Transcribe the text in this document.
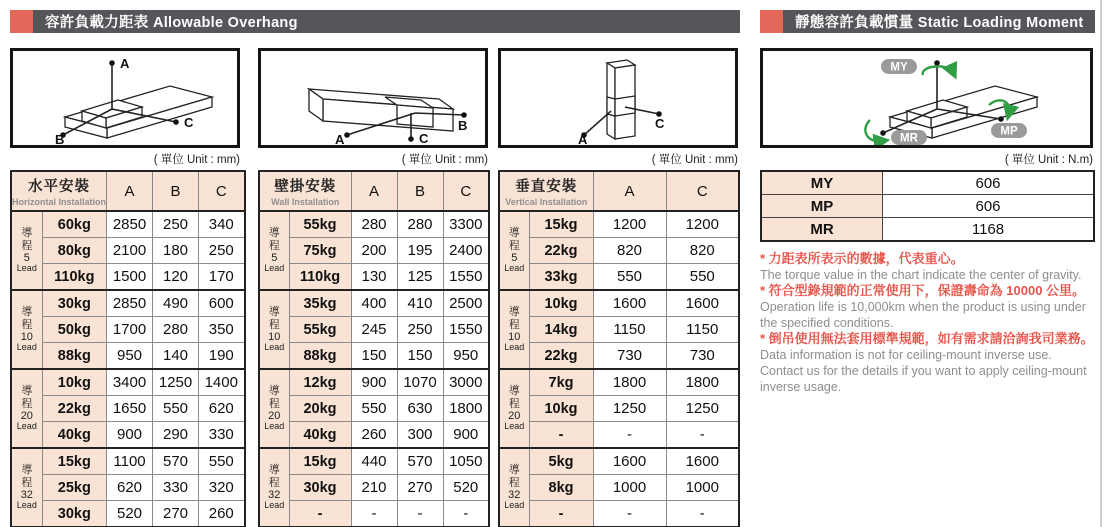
容許負載力距表 Allowable Overhang	靜態容許負載慣量 Static Loading Moment
A
B
C	B
A	C	A
C
MY
MP
MR
( 單位 Unit : mm)	( 單位 Unit : mm)	( 單位 Unit : mm)	( 單位 Unit : N.m)
水平安裝
Horizontal Installation		A	B	C

導
程
5
Lead	60kg	2850	250	340
	80kg	2100	180	250
	110kg	1500	120	170

導
程
10
Lead	30kg	2850	490	600
	50kg	1700	280	350
	88kg	950	140	190

導
程
20
Lead	10kg	3400	1250	1400
	22kg	1650	550	620
	40kg	900	290	330

導
程
32
Lead	15kg	1100	570	550
	25kg	620	330	320
	30kg	520	270	260
壁掛安裝
Wall Installation		A	B	C

導
程
5
Lead	55kg	280	280	3300
	75kg	200	195	2400
	110kg	130	125	1550

導
程
10
Lead	35kg	400	410	2500
	55kg	245	250	1550
	88kg	150	150	950

導
程
20
Lead	12kg	900	1070	3000
	20kg	550	630	1800
	40kg	260	300	900

導
程
32
Lead	15kg	440	570	1050
	30kg	210	270	520
	-	-	-	-
垂直安裝
Vertical Installation		A	C

導
程
5
Lead	15kg	1200	1200
	22kg	820	820
	33kg	550	550

導
程
10
Lead	10kg	1600	1600
	14kg	1150	1150
	22kg	730	730

導
程
20
Lead	7kg	1800	1800
	10kg	1250	1250
	-	-	-

導
程
32
Lead	5kg	1600	1600
	8kg	1000	1000
	-	-	-
MY	606
MP	606
MR	1168
* 力距表所表示的數據，代表重心。
The torque value in the chart indicate the center of gravity.
* 符合型錄規範的正常使用下，保證壽命為 10000 公里。
Operation life is 10,000km when the product is using under the specified conditions.
* 倒吊使用無法套用標準規範，如有需求請洽詢我司業務。
Data information is not for ceiling-mount inverse use.
Contact us for the details if you want to apply ceiling-mount inverse usage.
